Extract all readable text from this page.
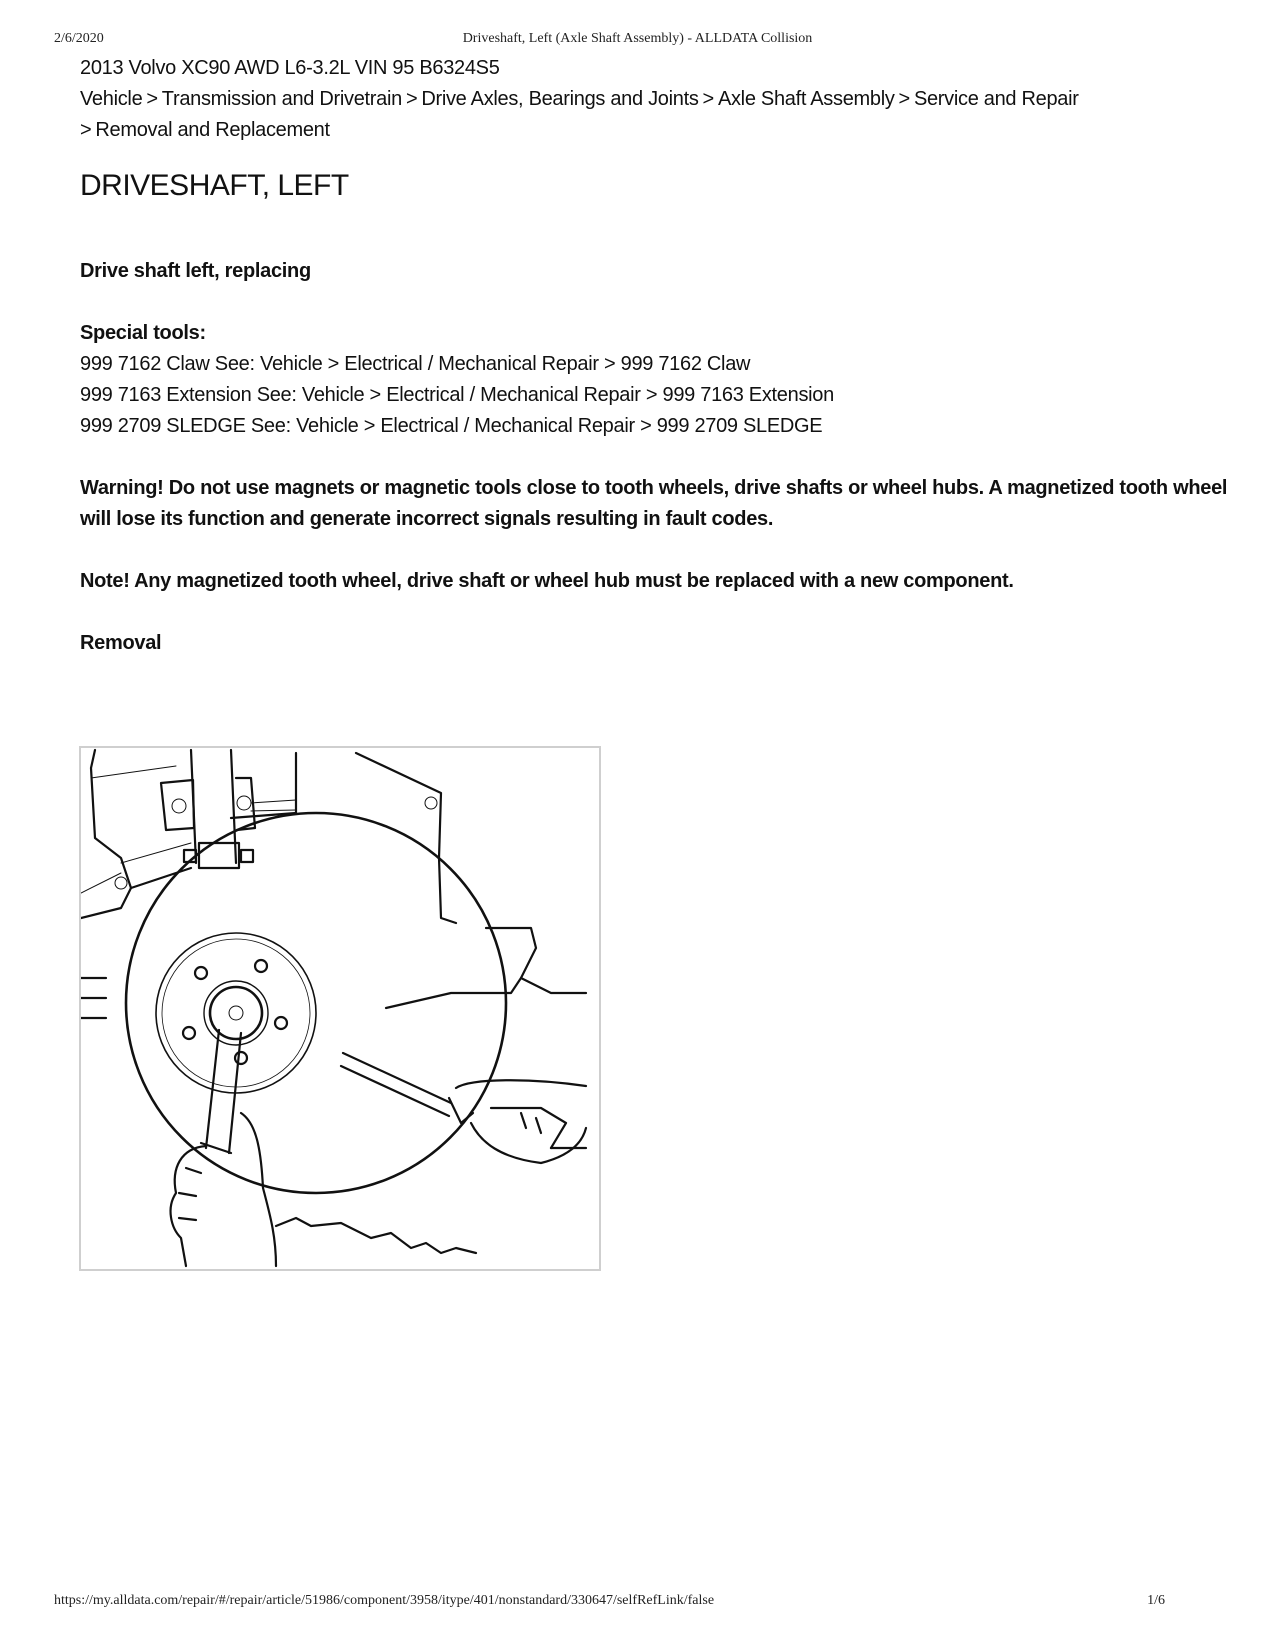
2/6/2020	Driveshaft, Left (Axle Shaft Assembly) - ALLDATA Collision
2013 Volvo XC90 AWD L6-3.2L VIN 95 B6324S5
Vehicle > Transmission and Drivetrain > Drive Axles, Bearings and Joints > Axle Shaft Assembly > Service and Repair
> Removal and Replacement
DRIVESHAFT, LEFT

Drive shaft left, replacing

Special tools:

999 7162 Claw See: Vehicle > Electrical / Mechanical Repair > 999 7162 Claw
999 7163 Extension See: Vehicle > Electrical / Mechanical Repair > 999 7163 Extension
999 2709 SLEDGE See: Vehicle > Electrical / Mechanical Repair > 999 2709 SLEDGE

Warning! Do not use magnets or magnetic tools close to tooth wheels, drive shafts or wheel hubs. A magnetized tooth wheel will lose its function and generate incorrect signals resulting in fault codes.

Note! Any magnetized tooth wheel, drive shaft or wheel hub must be replaced with a new component.

Removal

https://my.alldata.com/repair/#/repair/article/51986/component/3958/itype/401/nonstandard/330647/selfRefLink/false	1/6
